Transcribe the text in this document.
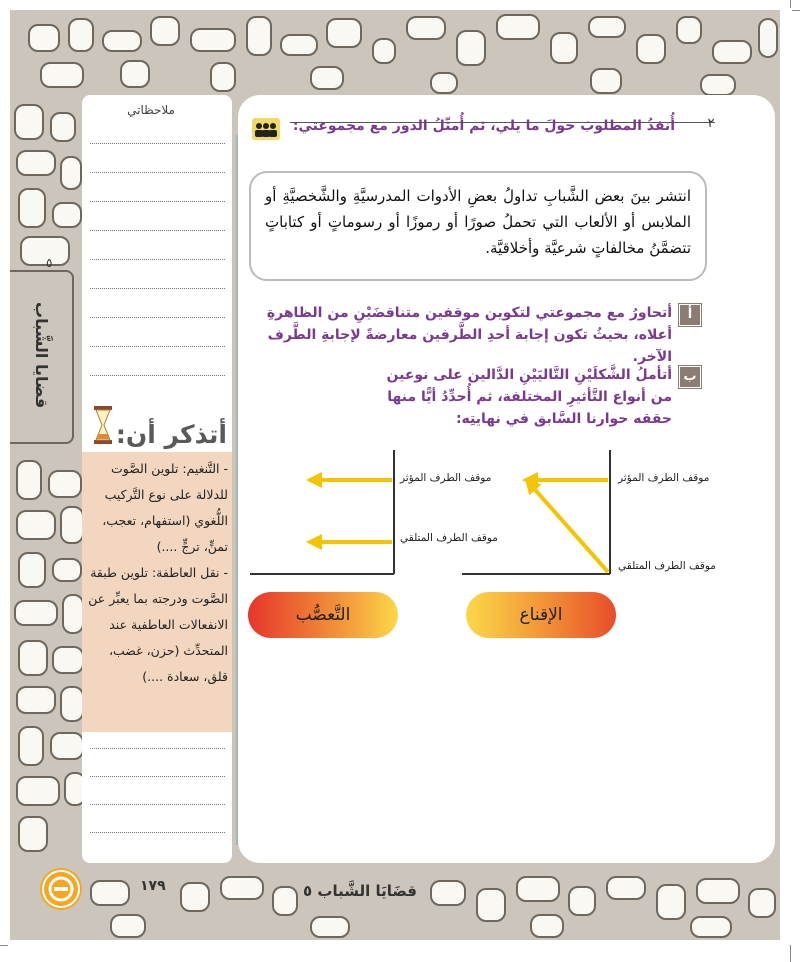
قضايا الشَّباب
٥
ملاحظاتي
أتذكر أن:
- التَّنغيم: تلوين الصَّوت للدلالة على نوع التَّركيب اللُّغوي (استفهام، تعجب، تمنٍّ، ترجٍّ ....)
- نقل العاطفة: تلوين طبقة الصَّوت ودرجته بما يعبِّر عن الانفعالات العاطفية عند المتحدِّث (حزن، غضب، قلق، سعادة ....)
٢
أُنفذُ المطلوبَ حولَ ما يلي، ثم أُمثّلُ الدور مع مجموعتي:
انتشر بينَ بعض الشَّبابِ تداولُ بعضِ الأدوات المدرسيَّةِ والشَّخصيَّةِ أو الملابس أو الألعاب التي تحملُ صورًا أو رموزًا أو رسوماتٍ أو كتاباتٍ تتضمَّنُ مخالفاتٍ شرعيَّة وأخلاقيَّة.
أ
أتحاورُ مع مجموعتي لتكوين موقفين متناقضَيْنِ من الظاهرةِ أعلاه، بحيثُ تكون إجابة أحدِ الطَّرفين معارضةً لإجابةِ الطَّرف الآخر.
ب
أتأملُ الشَّكلَيْنِ التَّاليَيْنِ الدَّالين على نوعين من أنواع التَّأثيرِ المختلفة، ثم أُحدِّدُ أيًّا منها حققه حوارنا السَّابق في نهايتِه:
موقف الطرف المؤثر
موقف الطرف المتلقي
موقف الطرف المؤثر
موقف الطرف المتلقي
الإقناع
التَّعصُّب
١٧٩	قضَايَا الشَّباب ٥
